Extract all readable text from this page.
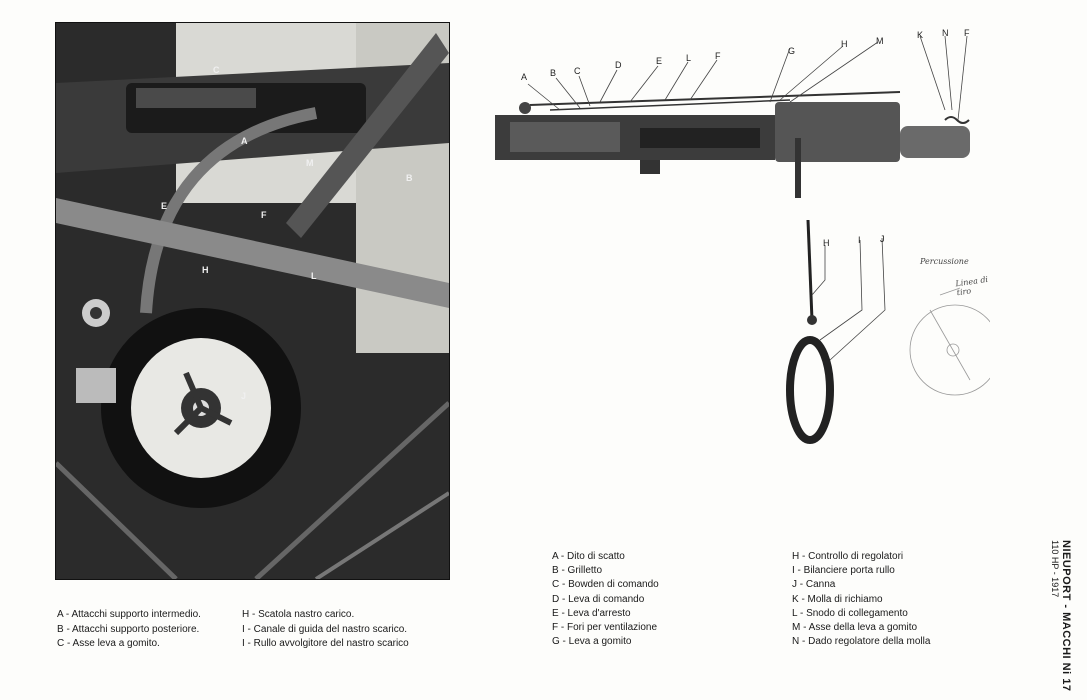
C
A
M
B
F
E
H
L
J
A	B C
D	E	L	F	G
H	M
K N F
H	I J
Percussione
Linea di tiro
A - Attacchi supporto intermedio.
B - Attacchi supporto posteriore.
C - Asse leva a gomito.
H - Scatola nastro carico.
I - Canale di guida del nastro scarico.
I - Rullo avvolgitore del nastro scarico
A - Dito di scatto
B - Grilletto
C - Bowden di comando
D - Leva di comando
E - Leva d'arresto
F - Fori per ventilazione
G - Leva a gomito
H - Controllo di regolatori
I - Bilanciere porta rullo
J - Canna
K - Molla di richiamo
L - Snodo di collegamento
M - Asse della leva a gomito
N - Dado regolatore della molla	NIEUPORT - MACCHI Ni 17
110 HP - 1917
